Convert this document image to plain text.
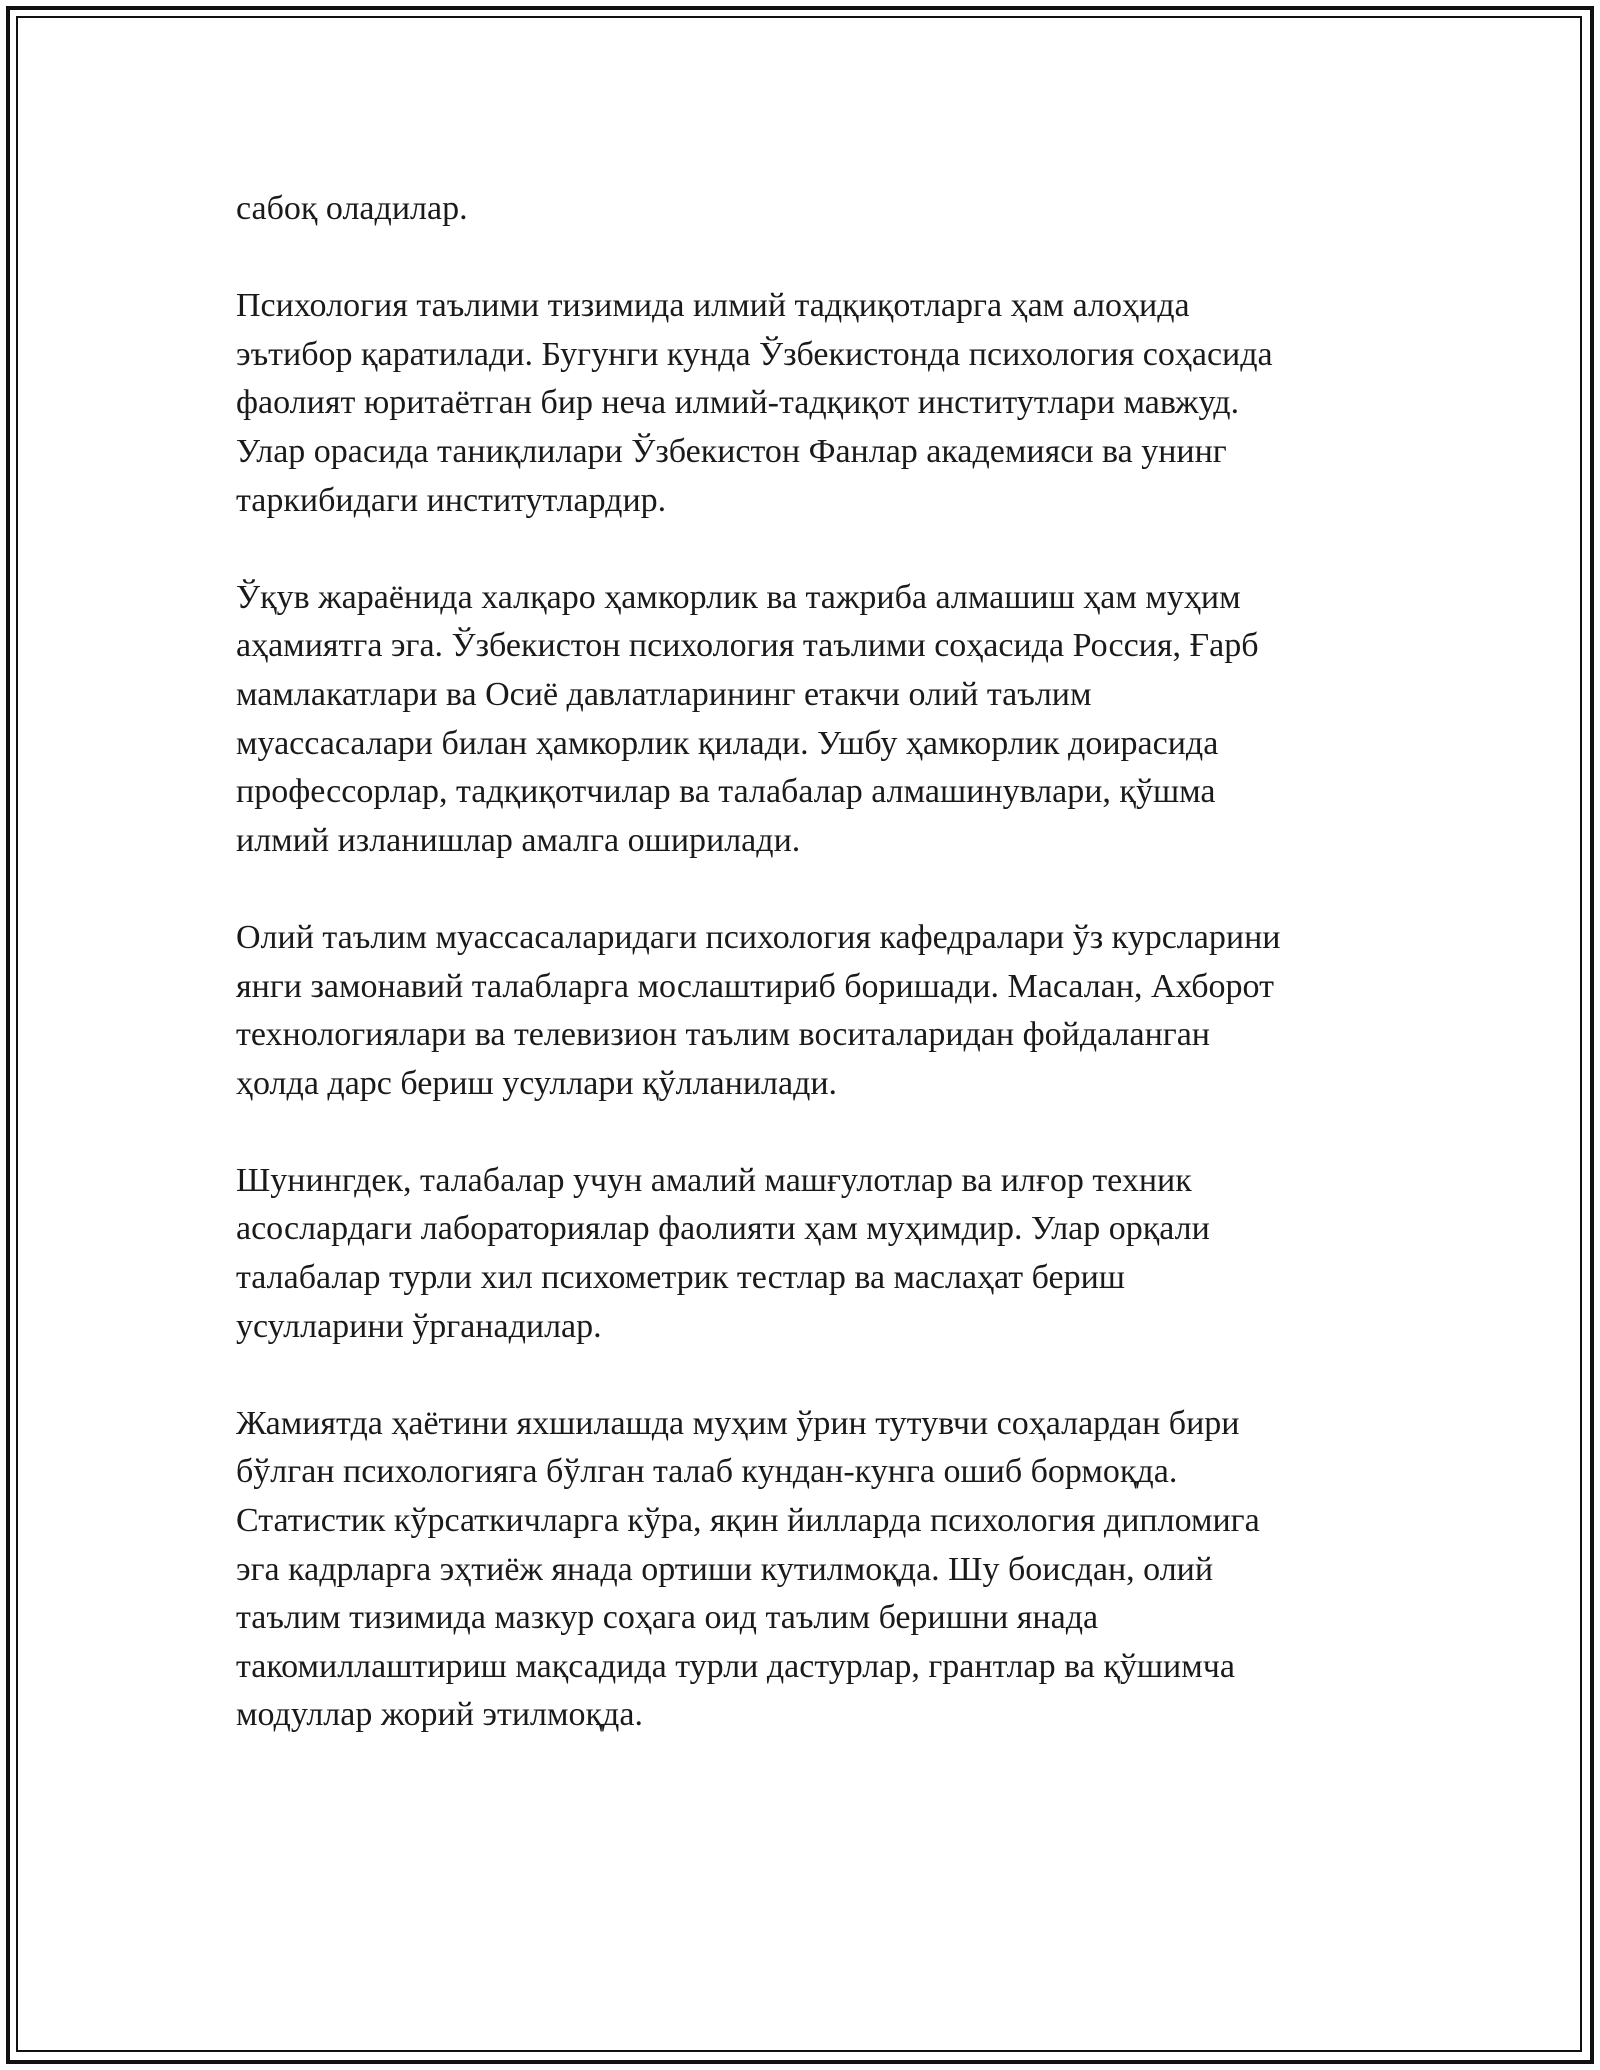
сабоқ оладилар.

Психология таълими тизимида илмий тадқиқотларга ҳам алоҳида
эътибор қаратилади. Бугунги кунда Ўзбекистонда психология соҳасида
фаолият юритаётган бир неча илмий-тадқиқот институтлари мавжуд.
Улар орасида таниқлилари Ўзбекистон Фанлар академияси ва унинг
таркибидаги институтлардир.

Ўқув жараёнида халқаро ҳамкорлик ва тажриба алмашиш ҳам муҳим
aҳамиятга эга. Ўзбекистон психология таълими соҳасида Россия, Ғарб
мамлакатлари ва Осиё давлатларининг етакчи олий таълим
муассасалари билан ҳамкорлик қилади. Ушбу ҳамкорлик доирасида
профессорлар, тадқиқотчилар ва талабалар алмашинувлари, қўшма
илмий изланишлар амалга оширилади.

Олий таълим муассасаларидаги психология кафедралари ўз курсларини
янги замонавий талабларга мослаштириб боришади. Масалан, Ахборот
технологиялари ва телевизион таълим воситаларидан фойдаланган
ҳолда дарс бериш усуллари қўлланилади.

Шунингдек, талабалар учун амалий машғулотлар ва илғор техник
асослардаги лабораториялар фаолияти ҳам муҳимдир. Улар орқали
талабалар турли хил психометрик тестлар ва маслаҳат бериш
усулларини ўрганадилар.

Жамиятда ҳаётини яхшилашда муҳим ўрин тутувчи соҳалардан бири
бўлган психологияга бўлган талаб кундан-кунга ошиб бормоқда.
Статистик кўрсаткичларга кўра, яқин йилларда психология дипломига
эга кадрларга эҳтиёж янада ортиши кутилмоқда. Шу боисдан, олий
таълим тизимида мазкур соҳага оид таълим беришни янада
такомиллаштириш мақсадида турли дастурлар, грантлар ва қўшимча
модуллар жорий этилмоқда.
